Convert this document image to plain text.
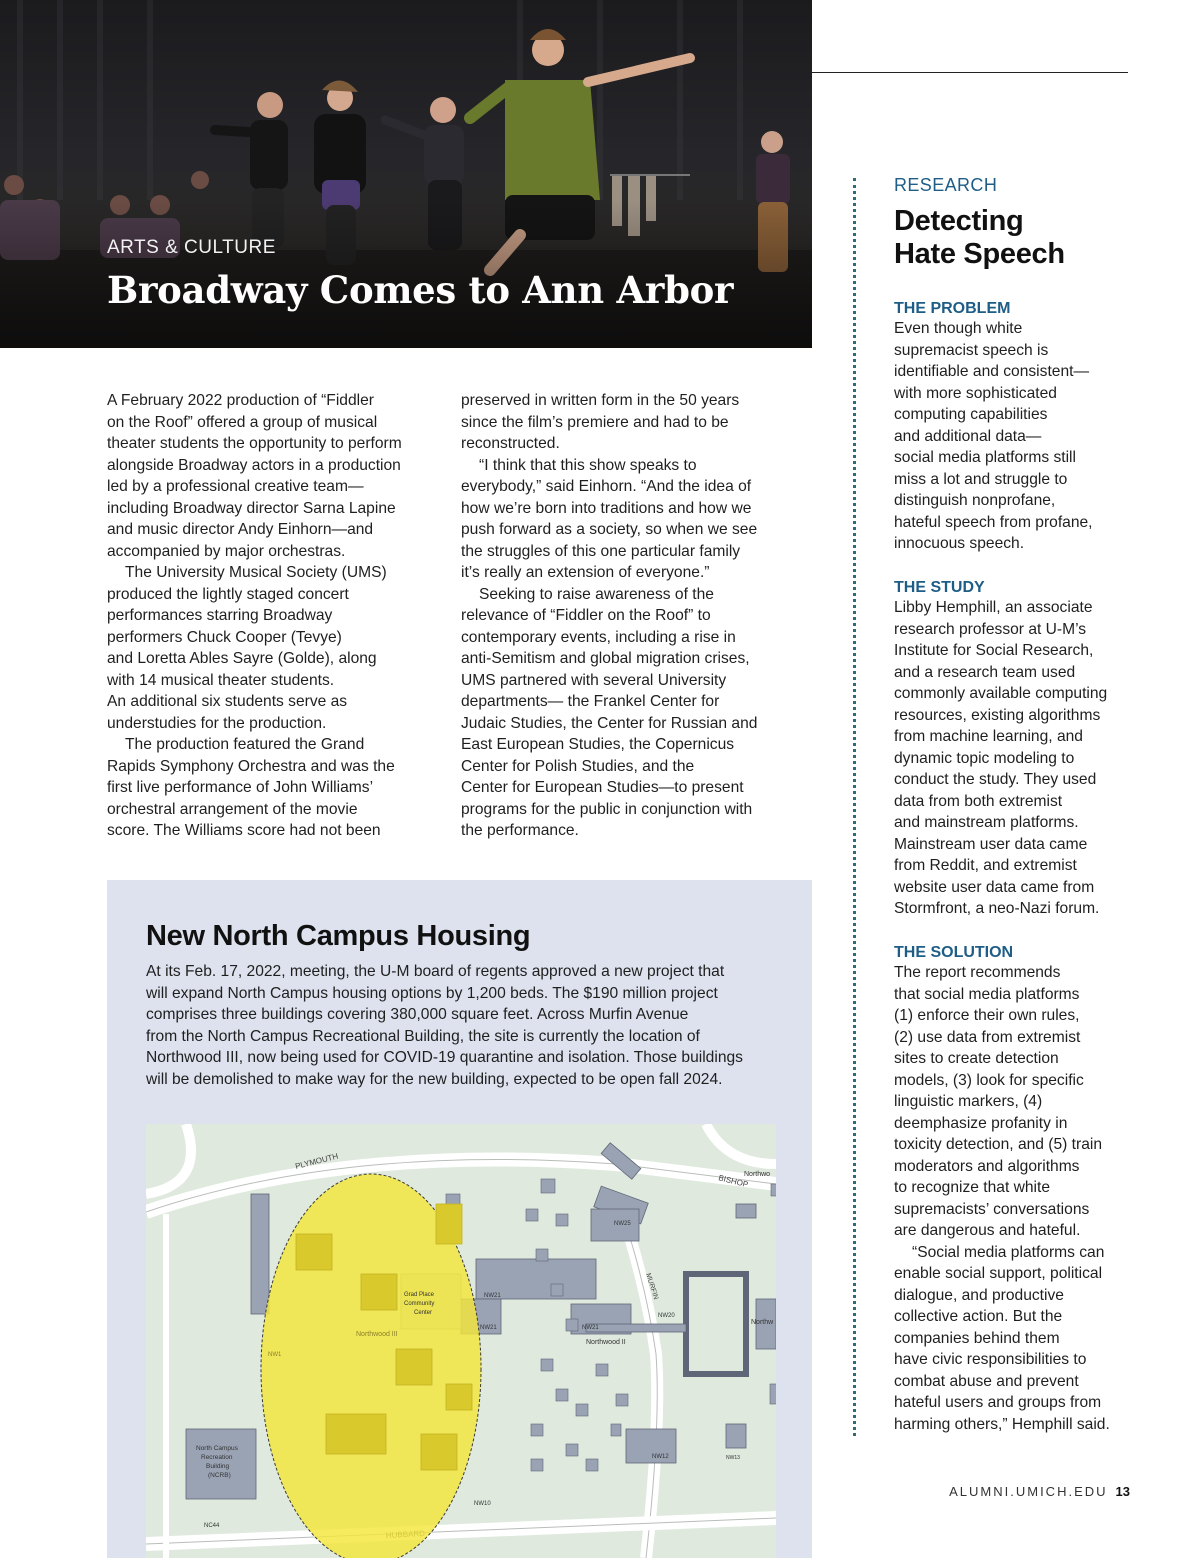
ARTS & CULTURE
Broadway Comes to Ann Arbor

A February 2022 production of “Fiddler
on the Roof” offered a group of musical
theater students the opportunity to perform
alongside Broadway actors in a production
led by a professional creative team—
including Broadway director Sarna Lapine
and music director Andy Einhorn—and
accompanied by major orchestras.

The University Musical Society (UMS)
produced the lightly staged concert
performances starring Broadway
performers Chuck Cooper (Tevye)
and Loretta Ables Sayre (Golde), along
with 14 musical theater students.

An additional six students serve as
understudies for the production.

The production featured the Grand
Rapids Symphony Orchestra and was the
first live performance of John Williams’
orchestral arrangement of the movie
score. The Williams score had not been

preserved in written form in the 50 years
since the film’s premiere and had to be
reconstructed.

“I think that this show speaks to
everybody,” said Einhorn. “And the idea of
how we’re born into traditions and how we
push forward as a society, so when we see
the struggles of this one particular family
it’s really an extension of everyone.”

Seeking to raise awareness of the
relevance of “Fiddler on the Roof” to
contemporary events, including a rise in
anti-Semitism and global migration crises,
UMS partnered with several University
departments— the Frankel Center for
Judaic Studies, the Center for Russian and
East European Studies, the Copernicus
Center for Polish Studies, and the
Center for European Studies—to present
programs for the public in conjunction with
the performance.

New North Campus Housing
At its Feb. 17, 2022, meeting, the U-M board of regents approved a new project that
will expand North Campus housing options by 1,200 beds. The $190 million project
comprises three buildings covering 380,000 square feet. Across Murfin Avenue
from the North Campus Recreational Building, the site is currently the location of
Northwood III, now being used for COVID-19 quarantine and isolation. Those buildings
will be demolished to make way for the new building, expected to be open fall 2024.
PLYMOUTH
BISHOP
MURFIN
Grad Place
Community
Center
Northwood III
Northwood II
Northwo
Northw
NW25
NW21
NW21	NW21
NW20
NW12	NW13
NW10
NW1
NC44
North Campus
Recreation
Building
(NCRB)
RESEARCH
Detecting
Hate Speech
THE PROBLEM
Even though white
supremacist speech is
identifiable and consistent—
with more sophisticated
computing capabilities
and additional data—
social media platforms still
miss a lot and struggle to
distinguish nonprofane,
hateful speech from profane,
innocuous speech.
THE STUDY
Libby Hemphill, an associate
research professor at U-M’s
Institute for Social Research,
and a research team used
commonly available computing
resources, existing algorithms
from machine learning, and
dynamic topic modeling to
conduct the study. They used
data from both extremist
and mainstream platforms.
Mainstream user data came
from Reddit, and extremist
website user data came from
Stormfront, a neo-Nazi forum.
THE SOLUTION
The report recommends
that social media platforms
(1) enforce their own rules,
(2) use data from extremist
sites to create detection
models, (3) look for specific
linguistic markers, (4)
deemphasize profanity in
toxicity detection, and (5) train
moderators and algorithms
to recognize that white
supremacists’ conversations
are dangerous and hateful.
“Social media platforms can
enable social support, political
dialogue, and productive
collective action. But the
companies behind them
have civic responsibilities to
combat abuse and prevent
hateful users and groups from
harming others,” Hemphill said.
ALUMNI.UMICH.EDU 13
